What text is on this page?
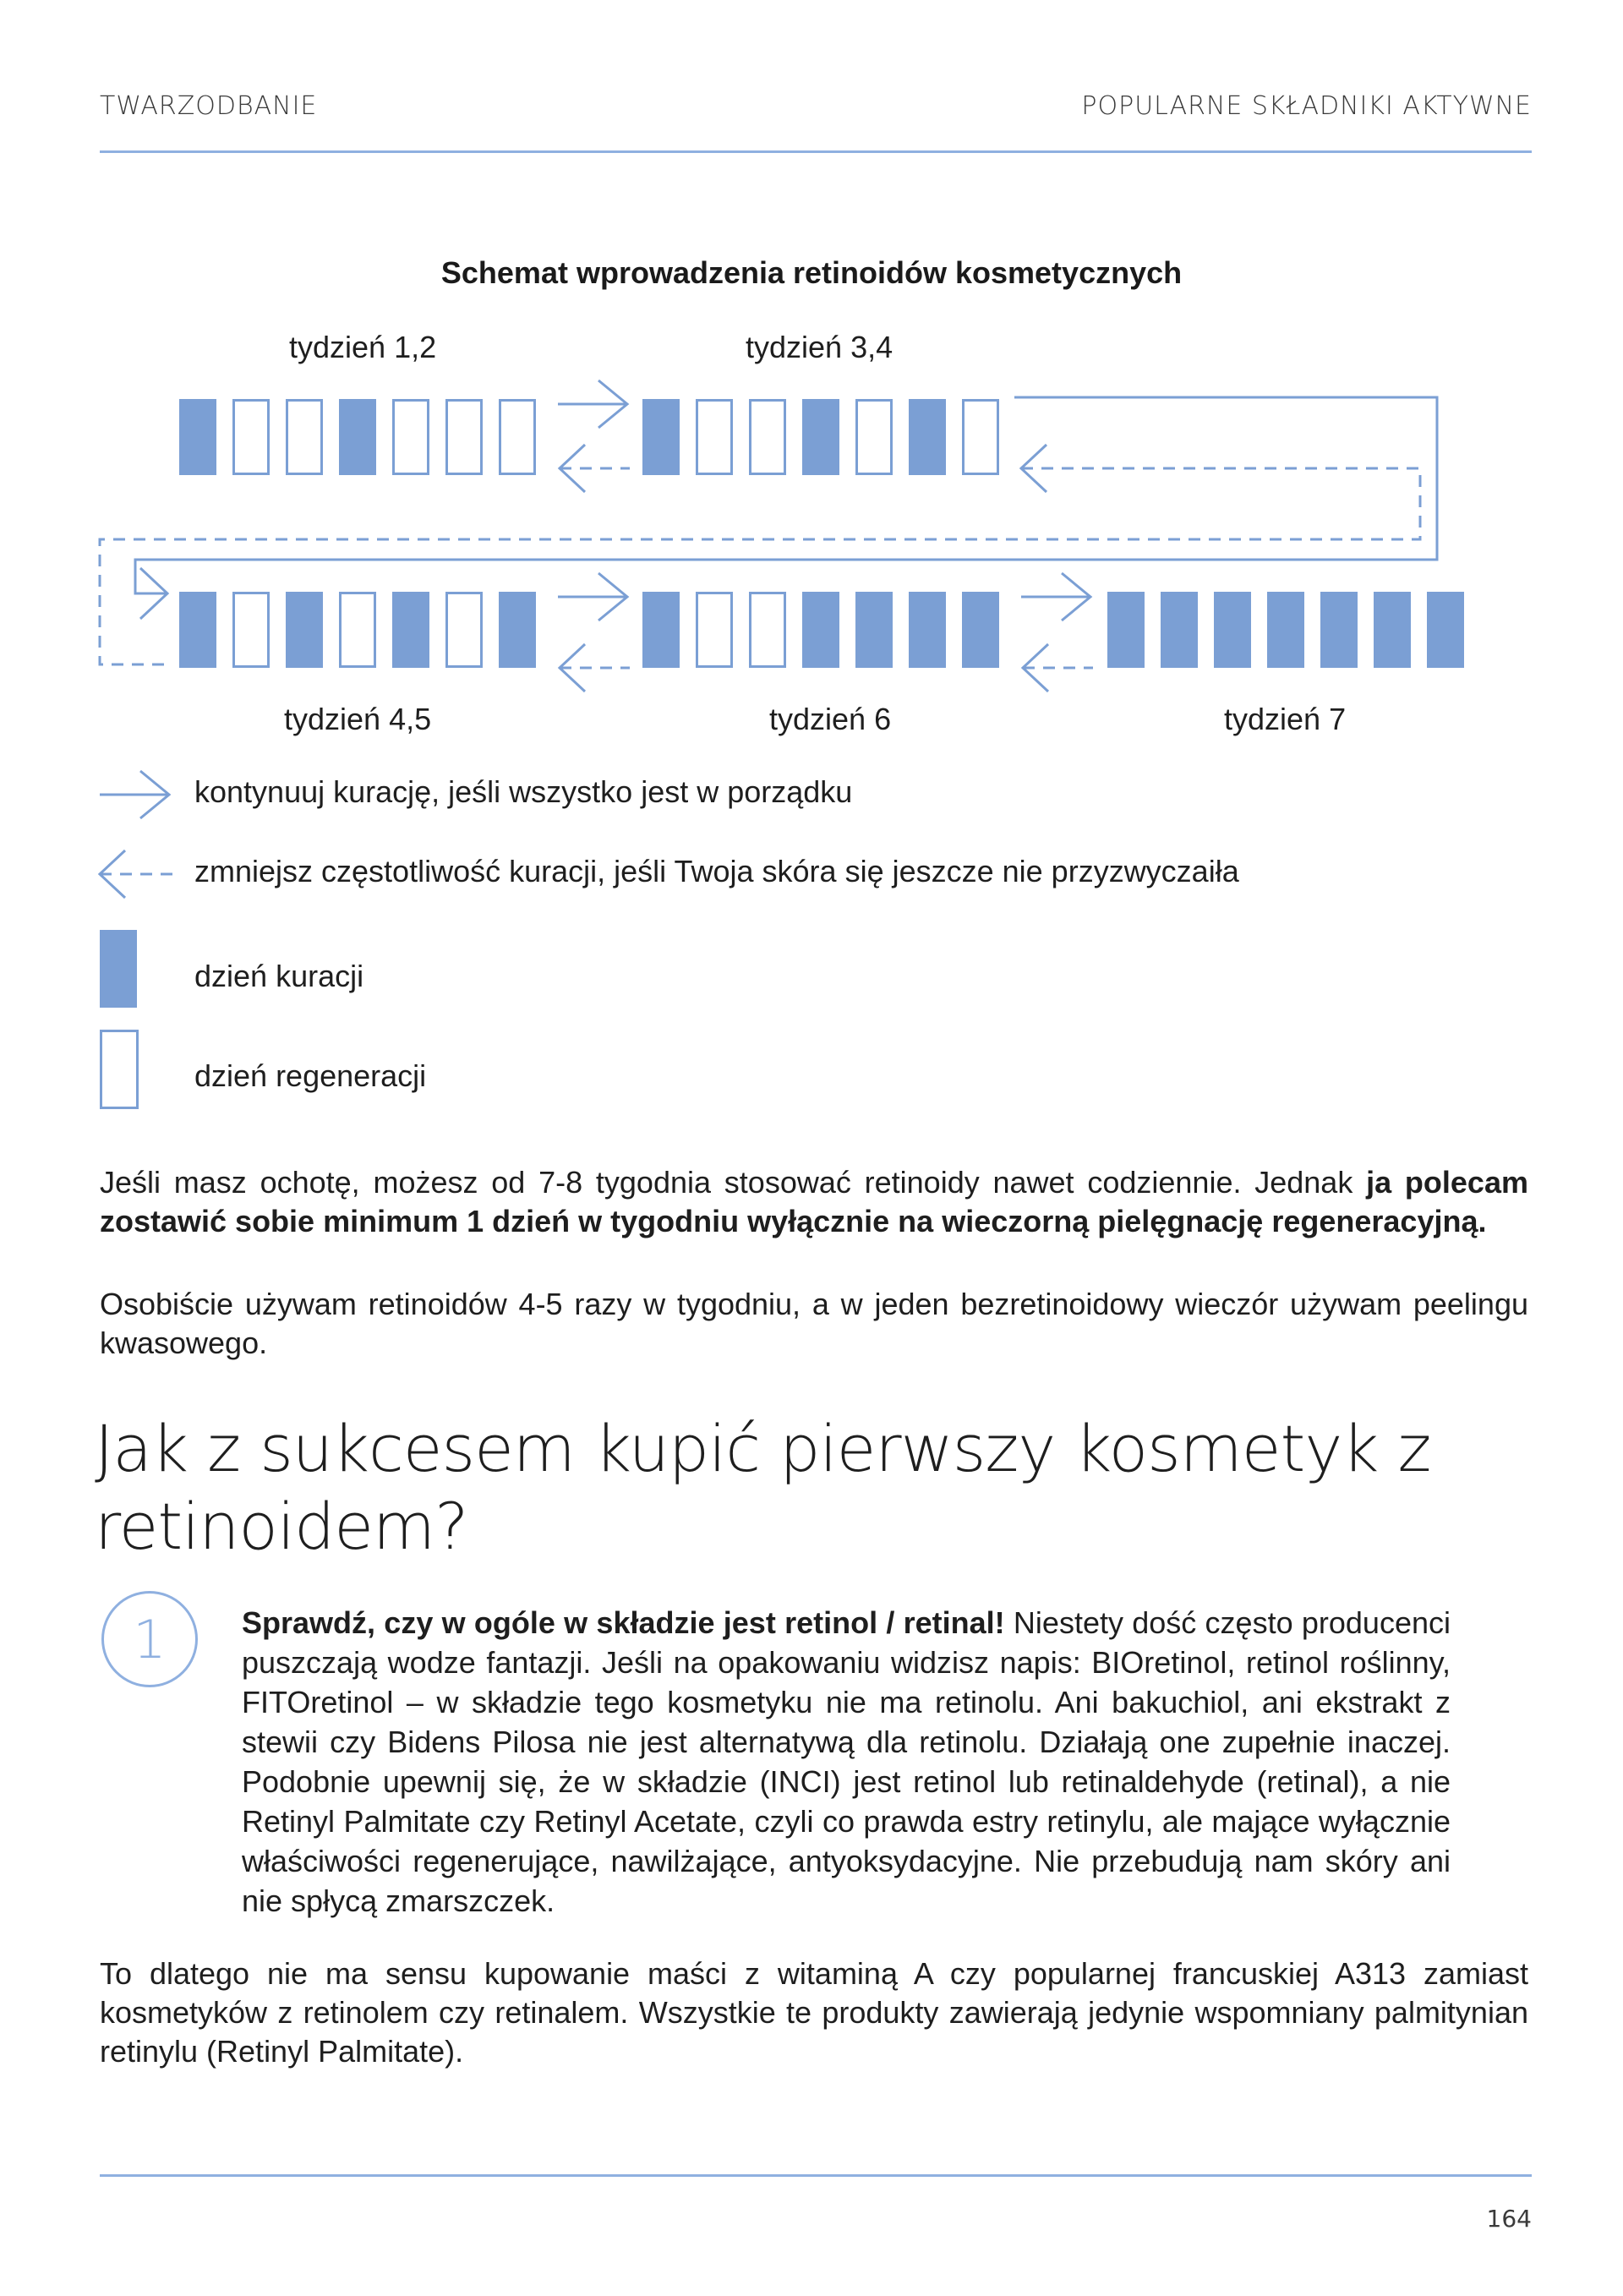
TWARZODBANIE	POPULARNE SKŁADNIKI AKTYWNE
Schemat wprowadzenia retinoidów kosmetycznych
tydzień 1,2	tydzień 3,4
tydzień 4,5	tydzień 6	tydzień 7
kontynuuj kurację, jeśli wszystko jest w porządku
zmniejsz częstotliwość kuracji, jeśli Twoja skóra się jeszcze nie przyzwyczaiła
dzień kuracji
dzień regeneracji

Jeśli masz ochotę, możesz od 7-8 tygodnia stosować retinoidy nawet codziennie. Jednak ja polecam zostawić sobie minimum 1 dzień w tygodniu wyłącznie na wieczorną pielęgnację regeneracyjną.

Osobiście używam retinoidów 4-5 razy w tygodniu, a w jeden bezretinoidowy wieczór używam peelingu kwasowego.

Jak z sukcesem kupić pierwszy kosmetyk z retinoidem?
1	Sprawdź, czy w ogóle w składzie jest retinol / retinal! Niestety dość często producenci puszczają wodze fantazji. Jeśli na opakowaniu widzisz napis: BIOretinol, retinol roślinny, FITOretinol – w składzie tego kosmetyku nie ma retinolu. Ani bakuchiol, ani ekstrakt z stewii czy Bidens Pilosa nie jest alternatywą dla retinolu. Działają one zupełnie inaczej. Podobnie upewnij się, że w składzie (INCI) jest retinol lub retinaldehyde (retinal), a nie Retinyl Palmitate czy Retinyl Acetate, czyli co prawda estry retinylu, ale mające wyłącznie właściwości regenerujące, nawilżające, antyoksydacyjne. Nie przebudują nam skóry ani nie spłycą zmarszczek.

To dlatego nie ma sensu kupowanie maści z witaminą A czy popularnej francuskiej A313 zamiast kosmetyków z retinolem czy retinalem. Wszystkie te produkty zawierają jedynie wspomniany palmitynian retinylu (Retinyl Palmitate).

164
